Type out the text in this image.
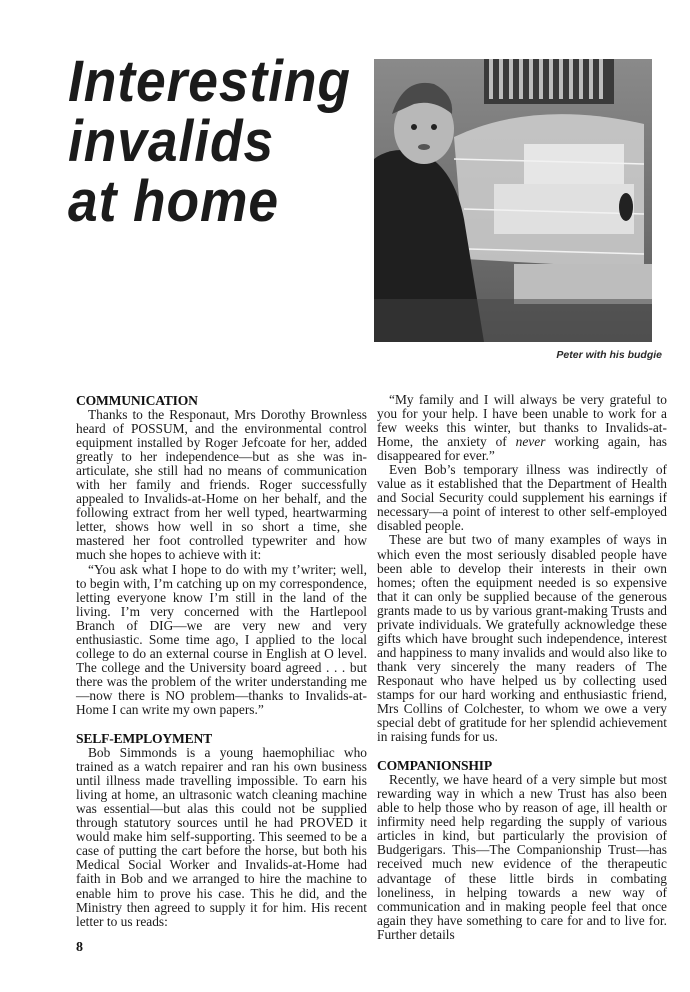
Interesting
invalids
at home

Peter with his budgie

COMMUNICATION

Thanks to the Responaut, Mrs Dorothy Brownless heard of POSSUM, and the environmental control equipment installed by Roger Jefcoate for her, added greatly to her independence—but as she was inarticulate, she still had no means of communication with her family and friends. Roger successfully appealed to Invalids-at-Home on her behalf, and the following extract from her well typed, heartwarming letter, shows how well in so short a time, she mastered her foot controlled typewriter and how much she hopes to achieve with it:

“You ask what I hope to do with my t’writer; well, to begin with, I’m catching up on my correspondence, letting everyone know I’m still in the land of the living. I’m very concerned with the Hartlepool Branch of DIG—we are very new and very enthusiastic. Some time ago, I applied to the local college to do an external course in English at O level. The college and the University board agreed . . . but there was the problem of the writer understanding me—now there is NO problem—thanks to Invalids-at-Home I can write my own papers.”

SELF-EMPLOYMENT

Bob Simmonds is a young haemophiliac who trained as a watch repairer and ran his own business until illness made travelling impossible. To earn his living at home, an ultrasonic watch cleaning machine was essential—but alas this could not be supplied through statutory sources until he had PROVED it would make him self-supporting. This seemed to be a case of putting the cart before the horse, but both his Medical Social Worker and Invalids-at-Home had faith in Bob and we arranged to hire the machine to enable him to prove his case. This he did, and the Ministry then agreed to supply it for him. His recent letter to us reads:

“My family and I will always be very grateful to you for your help. I have been unable to work for a few weeks this winter, but thanks to Invalids-at-Home, the anxiety of never working again, has disappeared for ever.”

Even Bob’s temporary illness was indirectly of value as it established that the Department of Health and Social Security could supplement his earnings if necessary—a point of interest to other self-employed disabled people.

These are but two of many examples of ways in which even the most seriously disabled people have been able to develop their interests in their own homes; often the equipment needed is so expensive that it can only be supplied because of the generous grants made to us by various grant-making Trusts and private individuals. We gratefully acknowledge these gifts which have brought such independence, interest and happiness to many invalids and would also like to thank very sincerely the many readers of The Responaut who have helped us by collecting used stamps for our hard working and enthusiastic friend, Mrs Collins of Colchester, to whom we owe a very special debt of gratitude for her splendid achievement in raising funds for us.

COMPANIONSHIP

Recently, we have heard of a very simple but most rewarding way in which a new Trust has also been able to help those who by reason of age, ill health or infirmity need help regarding the supply of various articles in kind, but particularly the provision of Budgerigars. This—The Companionship Trust—has received much new evidence of the therapeutic advantage of these little birds in combating loneliness, in helping towards a new way of communication and in making people feel that once again they have something to care for and to live for. Further details

8
